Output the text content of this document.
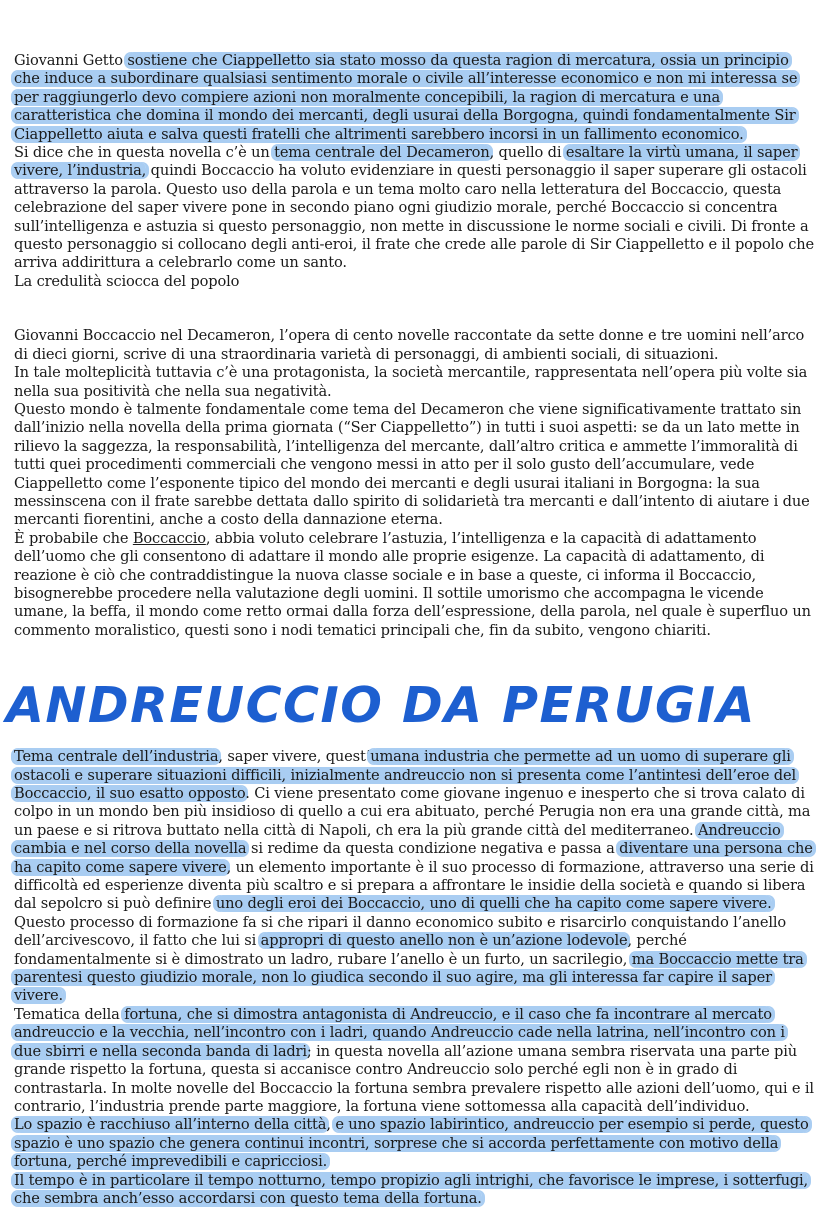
Giovanni Getto sostiene che Ciappelletto sia stato mosso da questa ragion di mercatura, ossia un principio che induce a subordinare qualsiasi sentimento morale o civile all’interesse economico e non mi interessa se per raggiungerlo devo compiere azioni non moralmente concepibili, la ragion di mercatura e una caratteristica che domina il mondo dei mercanti, degli usurai della Borgogna, quindi fondamentalmente Sir Ciappelletto aiuta e salva questi fratelli che altrimenti sarebbero incorsi in un fallimento economico.

Si dice che in questa novella c’è un tema centrale del Decameron, quello di esaltare la virtù umana, il saper vivere, l’industria, quindi Boccaccio ha voluto evidenziare in questi personaggio il saper superare gli ostacoli attraverso la parola. Questo uso della parola e un tema molto caro nella letteratura del Boccaccio, questa celebrazione del saper vivere pone in secondo piano ogni giudizio morale, perché Boccaccio si concentra sull’intelligenza e astuzia si questo personaggio, non mette in discussione le norme sociali e civili. Di fronte a questo personaggio si collocano degli anti-eroi, il frate che crede alle parole di Sir Ciappelletto e il popolo che arriva addirittura a celebrarlo come un santo.

La credulità sciocca del popolo

Giovanni Boccaccio nel Decameron, l’opera di cento novelle raccontate da sette donne e tre uomini nell’arco di dieci giorni, scrive di una straordinaria varietà di personaggi, di ambienti sociali, di situazioni.

In tale molteplicità tuttavia c’è una protagonista, la società mercantile, rappresentata nell’opera più volte sia nella sua positività che nella sua negatività.

Questo mondo è talmente fondamentale come tema del Decameron che viene significativamente trattato sin dall’inizio nella novella della prima giornata (“Ser Ciappelletto”) in tutti i suoi aspetti: se da un lato mette in rilievo la saggezza, la responsabilità, l’intelligenza del mercante, dall’altro critica e ammette l’immoralità di tutti quei procedimenti commerciali che vengono messi in atto per il solo gusto dell’accumulare, vede Ciappelletto come l’esponente tipico del mondo dei mercanti e degli usurai italiani in Borgogna: la sua messinscena con il frate sarebbe dettata dallo spirito di solidarietà tra mercanti e dall’intento di aiutare i due mercanti fiorentini, anche a costo della dannazione eterna.

È probabile che Boccaccio, abbia voluto celebrare l’astuzia, l’intelligenza e la capacità di adattamento dell’uomo che gli consentono di adattare il mondo alle proprie esigenze. La capacità di adattamento, di reazione è ciò che contraddistingue la nuova classe sociale e in base a queste, ci informa il Boccaccio, bisognerebbe procedere nella valutazione degli uomini. Il sottile umorismo che accompagna le vicende umane, la beffa, il mondo come retto ormai dalla forza dell’espressione, della parola, nel quale è superfluo un commento moralistico, questi sono i nodi tematici principali che, fin da subito, vengono chiariti.

ANDREUCCIO DA PERUGIA

Tema centrale dell’industria, saper vivere, quest’umana industria che permette ad un uomo di superare gli ostacoli e superare situazioni difficili, inizialmente andreuccio non si presenta come l’antintesi dell’eroe del Boccaccio, il suo esatto opposto. Ci viene presentato come giovane ingenuo e inesperto che si trova calato di colpo in un mondo ben più insidioso di quello a cui era abituato, perché Perugia non era una grande città, ma un paese e si ritrova buttato nella città di Napoli, ch era la più grande città del mediterraneo. Andreuccio cambia e nel corso della novella si redime da questa condizione negativa e passa a diventare una persona che ha capito come sapere vivere, un elemento importante è il suo processo di formazione, attraverso una serie di difficoltà ed esperienze diventa più scaltro e si prepara a affrontare le insidie della società e quando si libera dal sepolcro si può definire uno degli eroi dei Boccaccio, uno di quelli che ha capito come sapere vivere. Questo processo di formazione fa si che ripari il danno economico subito e risarcirlo conquistando l’anello dell’arcivescovo, il fatto che lui si appropri di questo anello non è un’azione lodevole, perché fondamentalmente si è dimostrato un ladro, rubare l’anello è un furto, un sacrilegio, ma Boccaccio mette tra parentesi questo giudizio morale, non lo giudica secondo il suo agire, ma gli interessa far capire il saper vivere.

Tematica della fortuna, che si dimostra antagonista di Andreuccio, e il caso che fa incontrare al mercato andreuccio e la vecchia, nell’incontro con i ladri, quando Andreuccio cade nella latrina, nell’incontro con i due sbirri e nella seconda banda di ladri; in questa novella all’azione umana sembra riservata una parte più grande rispetto la fortuna, questa si accanisce contro Andreuccio solo perché egli non è in grado di contrastarla. In molte novelle del Boccaccio la fortuna sembra prevalere rispetto alle azioni dell’uomo, qui e il contrario, l’industria prende parte maggiore, la fortuna viene sottomessa alla capacità dell’individuo.

Lo spazio è racchiuso all’interno della città, e uno spazio labirintico, andreuccio per esempio si perde, questo spazio è uno spazio che genera continui incontri, sorprese che si accorda perfettamente con motivo della fortuna, perché imprevedibili e capricciosi.

Il tempo è in particolare il tempo notturno, tempo propizio agli intrighi, che favorisce le imprese, i sotterfugi, che sembra anch’esso accordarsi con questo tema della fortuna.
